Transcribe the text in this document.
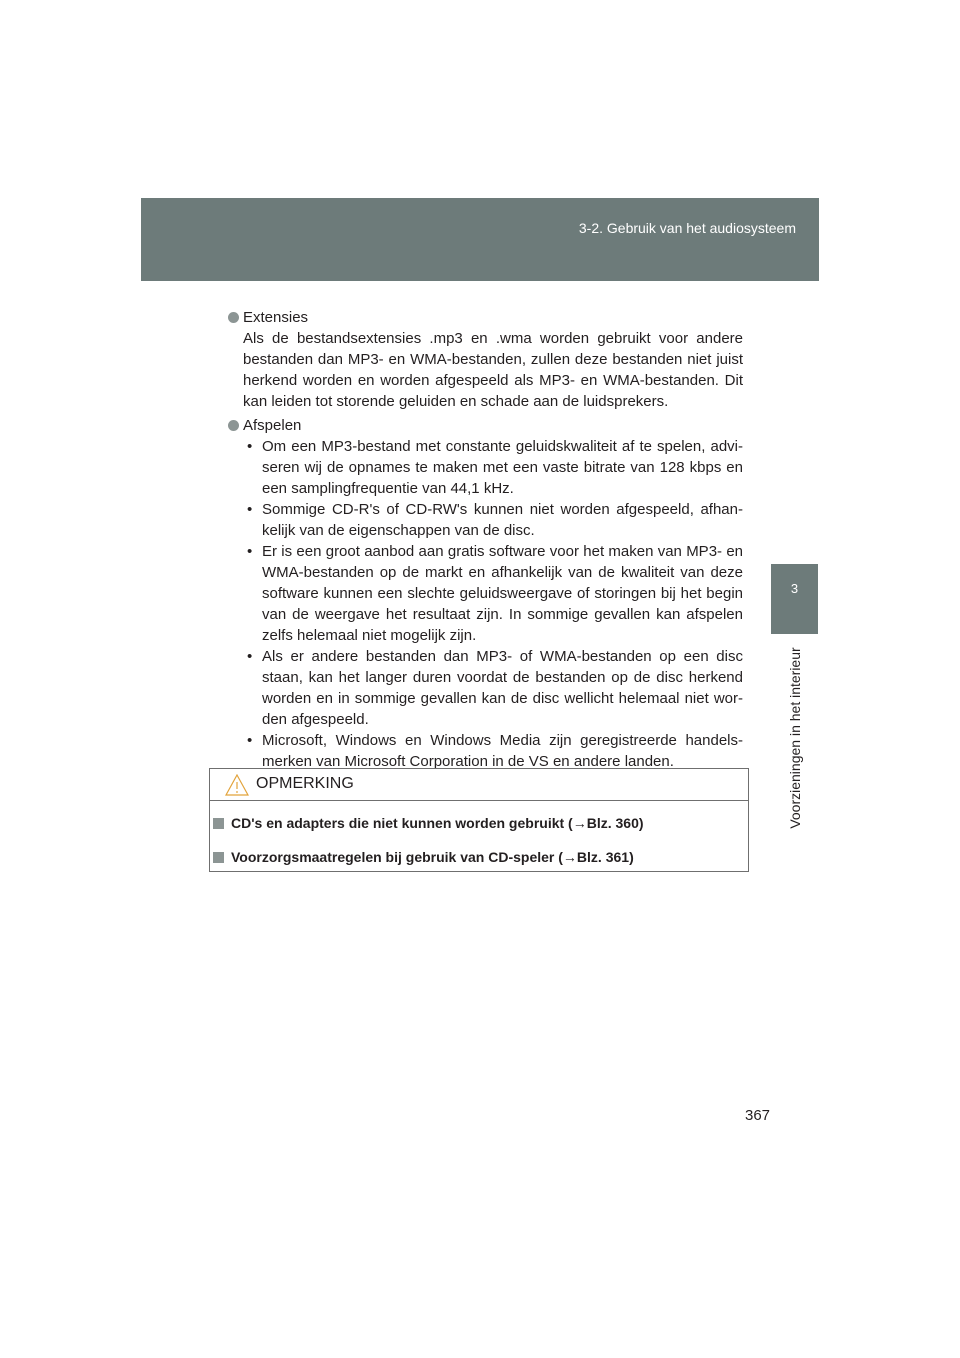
3-2. Gebruik van het audiosysteem
3
Voorzieningen in het interieur
Extensies

Als de bestandsextensies .mp3 en .wma worden gebruikt voor andere bestanden dan MP3- en WMA-bestanden, zullen deze bestanden niet juist herkend worden en worden afgespeeld als MP3- en WMA-bestanden. Dit kan leiden tot storende geluiden en schade aan de luidsprekers.

Afspelen
• Om een MP3-bestand met constante geluidskwaliteit af te spelen, advi-seren wij de opnames te maken met een vaste bitrate van 128 kbps en een samplingfrequentie van 44,1 kHz.
• Sommige CD-R's of CD-RW's kunnen niet worden afgespeeld, afhan-kelijk van de eigenschappen van de disc.
• Er is een groot aanbod aan gratis software voor het maken van MP3- en WMA-bestanden op de markt en afhankelijk van de kwaliteit van deze software kunnen een slechte geluidsweergave of storingen bij het begin van de weergave het resultaat zijn. In sommige gevallen kan afspelen zelfs helemaal niet mogelijk zijn.
• Als er andere bestanden dan MP3- of WMA-bestanden op een disc staan, kan het langer duren voordat de bestanden op de disc herkend worden en in sommige gevallen kan de disc wellicht helemaal niet wor-den afgespeeld.
• Microsoft, Windows en Windows Media zijn geregistreerde handels-merken van Microsoft Corporation in de VS en andere landen.
OPMERKING
CD's en adapters die niet kunnen worden gebruikt (→Blz. 360)
Voorzorgsmaatregelen bij gebruik van CD-speler (→Blz. 361)
367
